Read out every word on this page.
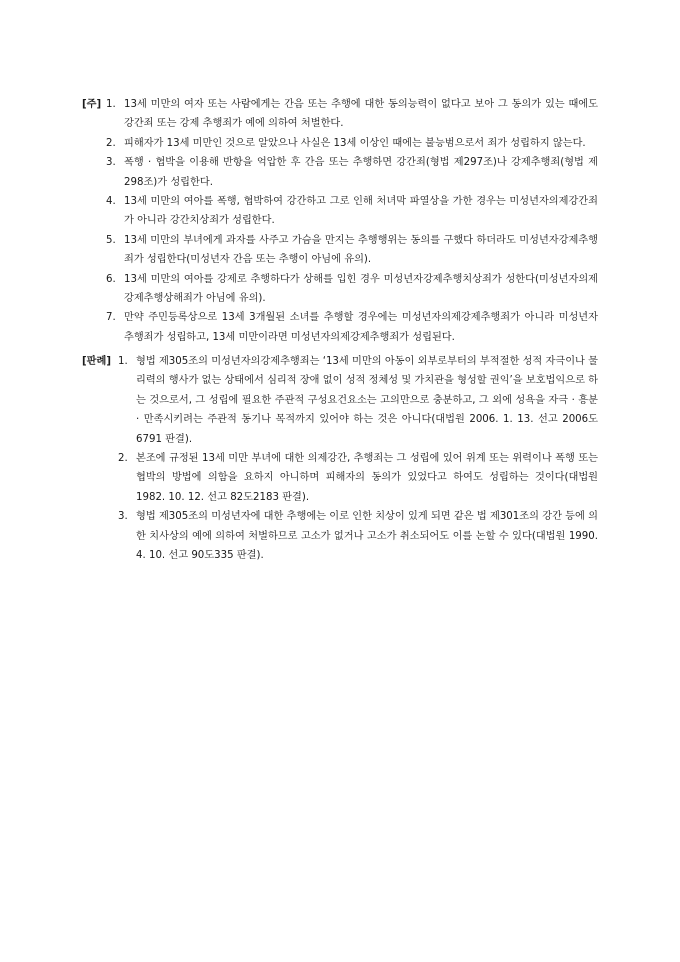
[주] 1. 13세 미만의 여자 또는 사람에게는 간음 또는 추행에 대한 동의능력이 없다고 보아 그 동의가 있는 때에도 강간죄 또는 강제 추행죄가 예에 의하여 처벌한다.
2. 피해자가 13세 미만인 것으로 알았으나 사실은 13세 이상인 때에는 불능범으로서 죄가 성립하지 않는다.
3. 폭행 · 협박을 이용해 반항을 억압한 후 간음 또는 추행하면 강간죄(형법 제297조)나 강제추행죄(형법 제298조)가 성립한다.
4. 13세 미만의 여아를 폭행, 협박하여 강간하고 그로 인해 처녀막 파열상을 가한 경우는 미성년자의제강간죄가 아니라 강간치상죄가 성립한다.
5. 13세 미만의 부녀에게 과자를 사주고 가슴을 만지는 추행행위는 동의를 구했다 하더라도 미성년자강제추행죄가 성립한다(미성년자 간음 또는 추행이 아님에 유의).
6. 13세 미만의 여아를 강제로 추행하다가 상해를 입힌 경우 미성년자강제추행치상죄가 성한다(미성년자의제강제추행상해죄가 아님에 유의).
7. 만약 주민등록상으로 13세 3개월된 소녀를 추행할 경우에는 미성년자의제강제추행죄가 아니라 미성년자 추행죄가 성립하고, 13세 미만이라면 미성년자의제강제추행죄가 성립된다.
[판례] 1. 형법 제305조의 미성년자의강제추행죄는 ‘13세 미만의 아동이 외부로부터의 부적절한 성적 자극이나 물리력의 행사가 없는 상태에서 심리적 장애 없이 성적 정체성 및 가치관을 형성할 권익’을 보호법익으로 하는 것으로서, 그 성립에 필요한 주관적 구성요건요소는 고의만으로 충분하고, 그 외에 성욕을 자극 · 흥분 · 만족시키려는 주관적 동기나 목적까지 있어야 하는 것은 아니다(대법원 2006. 1. 13. 선고 2006도6791 판결).
2. 본조에 규정된 13세 미만 부녀에 대한 의제강간, 추행죄는 그 성립에 있어 위계 또는 위력이나 폭행 또는 협박의 방법에 의함을 요하지 아니하며 피해자의 동의가 있었다고 하여도 성립하는 것이다(대법원 1982. 10. 12. 선고 82도2183 판결).
3. 형법 제305조의 미성년자에 대한 추행에는 이로 인한 치상이 있게 되면 같은 법 제301조의 강간 등에 의한 치사상의 예에 의하여 처벌하므로 고소가 없거나 고소가 취소되어도 이를 논할 수 있다(대법원 1990. 4. 10. 선고 90도335 판결).
